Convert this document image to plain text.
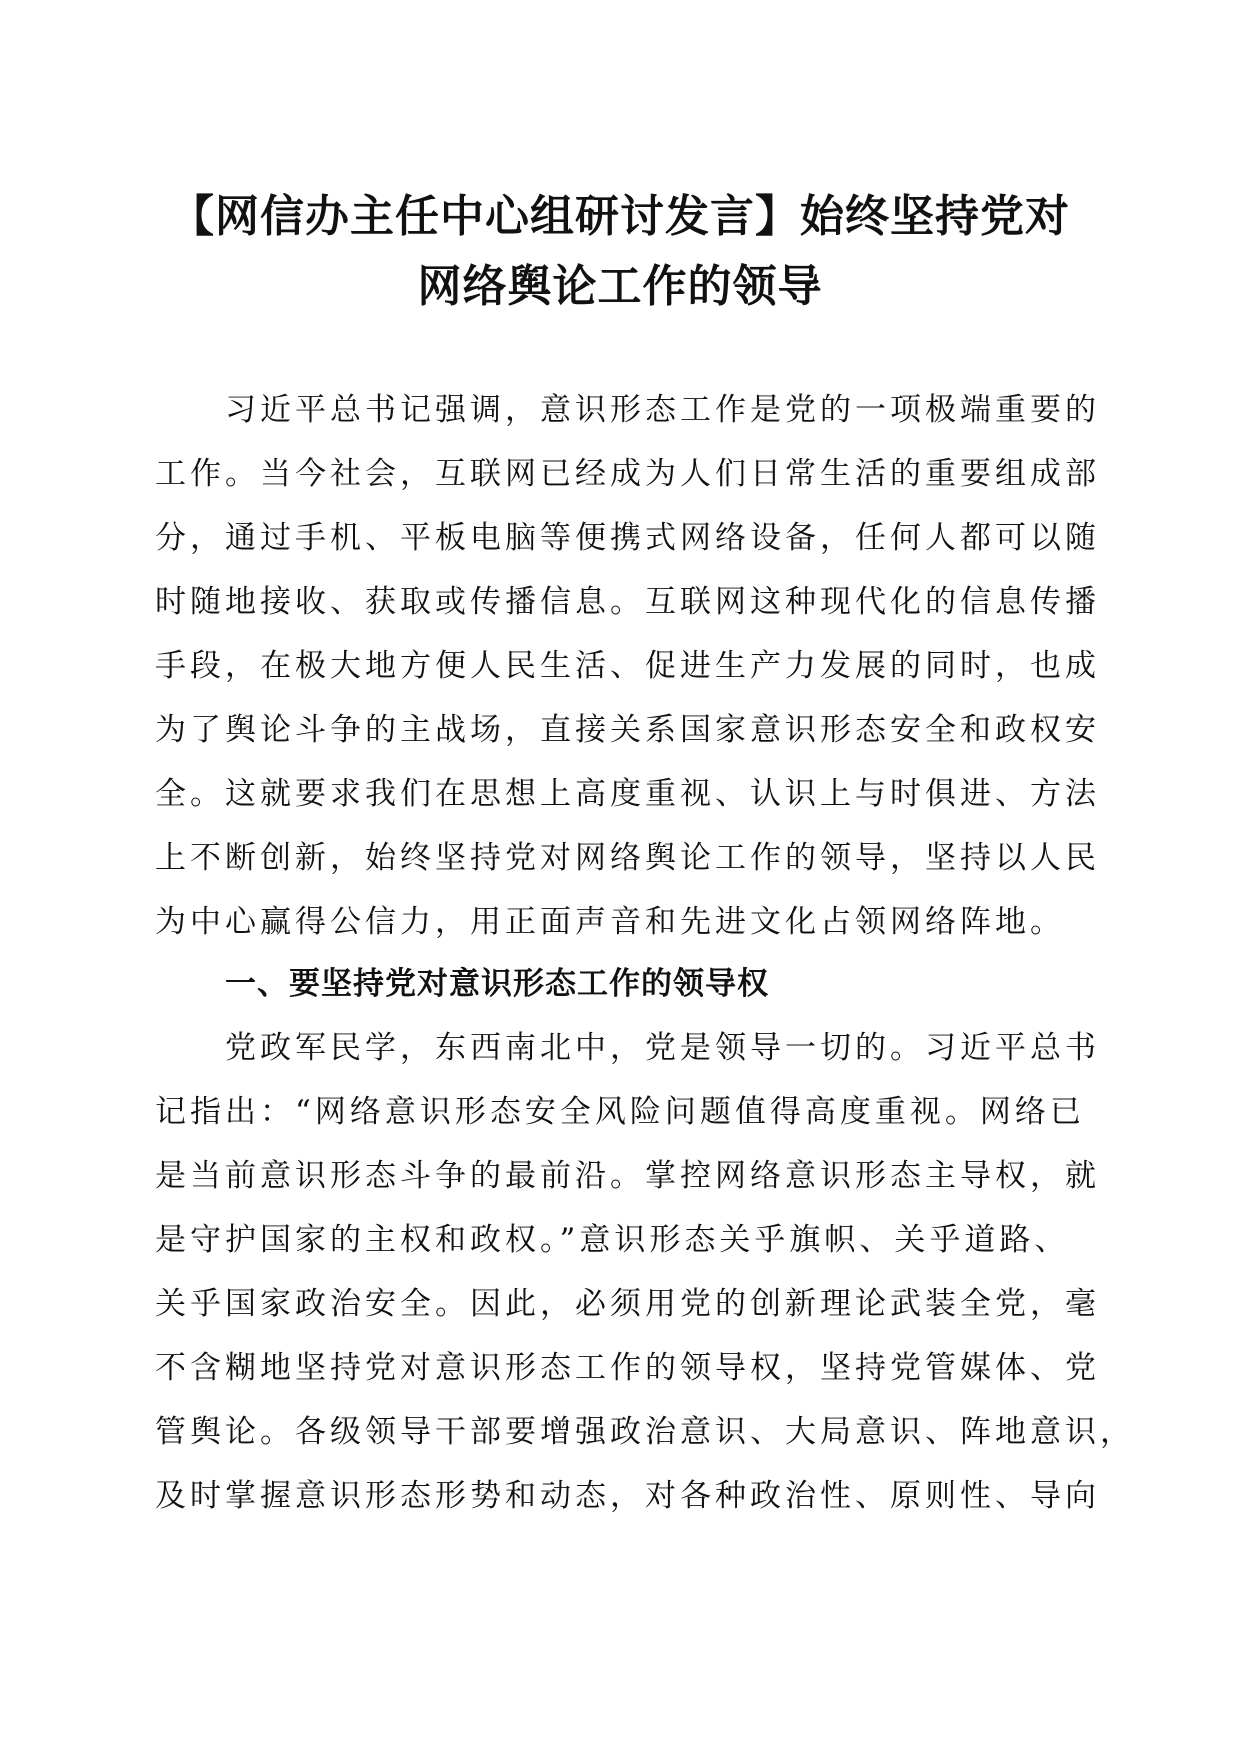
【网信办主任中心组研讨发言】始终坚持党对
网络舆论工作的领导

习近平总书记强调，意识形态工作是党的一项极端重要的
工作。当今社会，互联网已经成为人们日常生活的重要组成部
分，通过手机、平板电脑等便携式网络设备，任何人都可以随
时随地接收、获取或传播信息。互联网这种现代化的信息传播
手段，在极大地方便人民生活、促进生产力发展的同时，也成
为了舆论斗争的主战场，直接关系国家意识形态安全和政权安
全。这就要求我们在思想上高度重视、认识上与时俱进、方法
上不断创新，始终坚持党对网络舆论工作的领导，坚持以人民
为中心赢得公信力，用正面声音和先进文化占领网络阵地。

一、要坚持党对意识形态工作的领导权

党政军民学，东西南北中，党是领导一切的。习近平总书
记指出：“网络意识形态安全风险问题值得高度重视。网络已
是当前意识形态斗争的最前沿。掌控网络意识形态主导权，就
是守护国家的主权和政权。”意识形态关乎旗帜、关乎道路、
关乎国家政治安全。因此，必须用党的创新理论武装全党，毫
不含糊地坚持党对意识形态工作的领导权，坚持党管媒体、党
管舆论。各级领导干部要增强政治意识、大局意识、阵地意识，
及时掌握意识形态形势和动态，对各种政治性、原则性、导向
